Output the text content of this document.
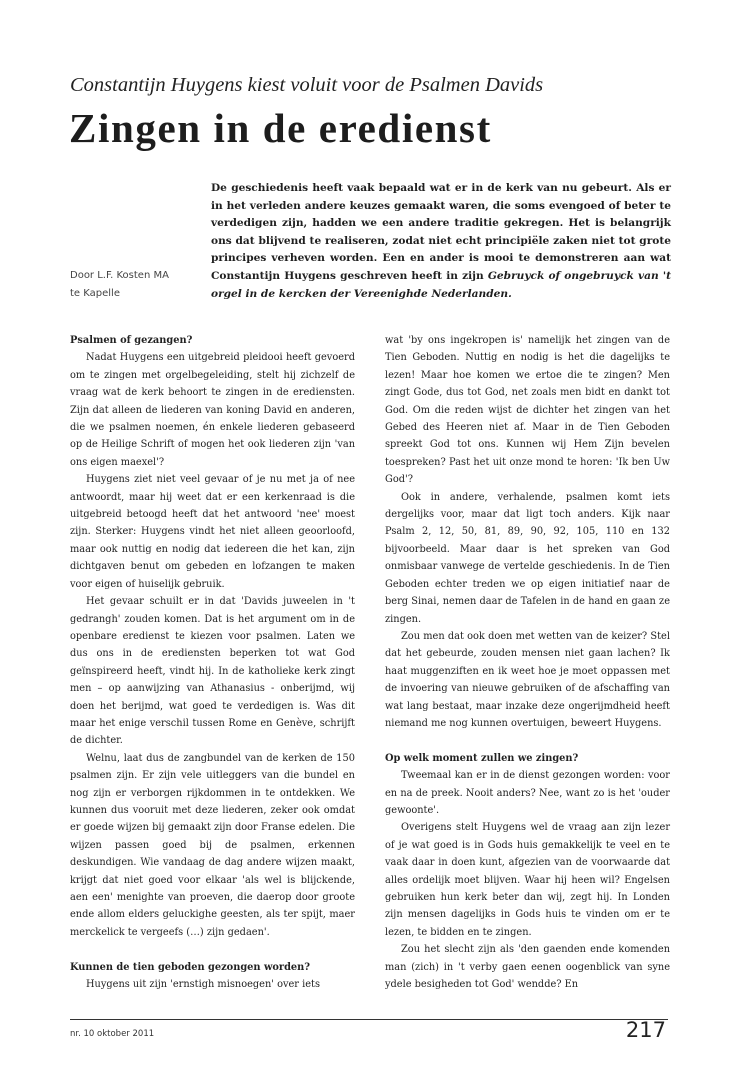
Constantijn Huygens kiest voluit voor de Psalmen Davids
Zingen in de eredienst
Door L.F. Kosten MA
te Kapelle
De geschiedenis heeft vaak bepaald wat er in de kerk van nu gebeurt. Als er in het verleden andere keuzes gemaakt waren, die soms evengoed of beter te verdedigen zijn, hadden we een andere traditie gekregen. Het is belangrijk ons dat blijvend te realiseren, zodat niet echt principiële zaken niet tot grote principes verheven worden. Een en ander is mooi te demonstreren aan wat Constantijn Huygens geschreven heeft in zijn Gebruyck of ongebruyck van 't orgel in de kercken der Vereenighde Nederlanden.
Psalmen of gezangen?

Nadat Huygens een uitgebreid pleidooi heeft gevoerd om te zingen met orgelbegeleiding, stelt hij zichzelf de vraag wat de kerk behoort te zingen in de erediensten. Zijn dat alleen de liederen van koning David en anderen, die we psalmen noemen, én enkele liederen gebaseerd op de Heilige Schrift of mogen het ook liederen zijn 'van ons eigen maexel'?

Huygens ziet niet veel gevaar of je nu met ja of nee antwoordt, maar hij weet dat er een kerkenraad is die uitgebreid betoogd heeft dat het antwoord 'nee' moest zijn. Sterker: Huygens vindt het niet alleen geoorloofd, maar ook nuttig en nodig dat iedereen die het kan, zijn dichtgaven benut om gebeden en lofzangen te maken voor eigen of huiselijk gebruik.

Het gevaar schuilt er in dat 'Davids juweelen in 't gedrangh' zouden komen. Dat is het argument om in de openbare eredienst te kiezen voor psalmen. Laten we dus ons in de erediensten beperken tot wat God geïnspireerd heeft, vindt hij. In de katholieke kerk zingt men – op aanwijzing van Athanasius - onberijmd, wij doen het berijmd, wat goed te verdedigen is. Was dit maar het enige verschil tussen Rome en Genève, schrijft de dichter.

Welnu, laat dus de zangbundel van de kerken de 150 psalmen zijn. Er zijn vele uitleggers van die bundel en nog zijn er verborgen rijkdommen in te ontdekken. We kunnen dus vooruit met deze liederen, zeker ook omdat er goede wijzen bij gemaakt zijn door Franse edelen. Die wijzen passen goed bij de psalmen, erkennen deskundigen. Wie vandaag de dag andere wijzen maakt, krijgt dat niet goed voor elkaar 'als wel is blijckende, aen een' menighte van proeven, die daerop door groote ende allom elders geluckighe geesten, als ter spijt, maer merckelick te vergeefs (…) zijn gedaen'.

Kunnen de tien geboden gezongen worden?

Huygens uit zijn 'ernstigh misnoegen' over iets

wat 'by ons ingekropen is' namelijk het zingen van de Tien Geboden. Nuttig en nodig is het die dagelijks te lezen! Maar hoe komen we ertoe die te zingen? Men zingt Gode, dus tot God, net zoals men bidt en dankt tot God. Om die reden wijst de dichter het zingen van het Gebed des Heeren niet af. Maar in de Tien Geboden spreekt God tot ons. Kunnen wij Hem Zijn bevelen toespreken? Past het uit onze mond te horen: 'Ik ben Uw God'?

Ook in andere, verhalende, psalmen komt iets dergelijks voor, maar dat ligt toch anders. Kijk naar Psalm 2, 12, 50, 81, 89, 90, 92, 105, 110 en 132 bijvoorbeeld. Maar daar is het spreken van God onmisbaar vanwege de vertelde geschiedenis. In de Tien Geboden echter treden we op eigen initiatief naar de berg Sinai, nemen daar de Tafelen in de hand en gaan ze zingen.

Zou men dat ook doen met wetten van de keizer? Stel dat het gebeurde, zouden mensen niet gaan lachen? Ik haat muggenziften en ik weet hoe je moet oppassen met de invoering van nieuwe gebruiken of de afschaffing van wat lang bestaat, maar inzake deze ongerijmdheid heeft niemand me nog kunnen overtuigen, beweert Huygens.

Op welk moment zullen we zingen?

Tweemaal kan er in de dienst gezongen worden: voor en na de preek. Nooit anders? Nee, want zo is het 'ouder gewoonte'.

Overigens stelt Huygens wel de vraag aan zijn lezer of je wat goed is in Gods huis gemakkelijk te veel en te vaak daar in doen kunt, afgezien van de voorwaarde dat alles ordelijk moet blijven. Waar hij heen wil? Engelsen gebruiken hun kerk beter dan wij, zegt hij. In Londen zijn mensen dagelijks in Gods huis te vinden om er te lezen, te bidden en te zingen.

Zou het slecht zijn als 'den gaenden ende komenden man (zich) in 't verby gaen eenen oogenblick van syne ydele besigheden tot God' wendde? En

nr. 10 oktober 2011	217
